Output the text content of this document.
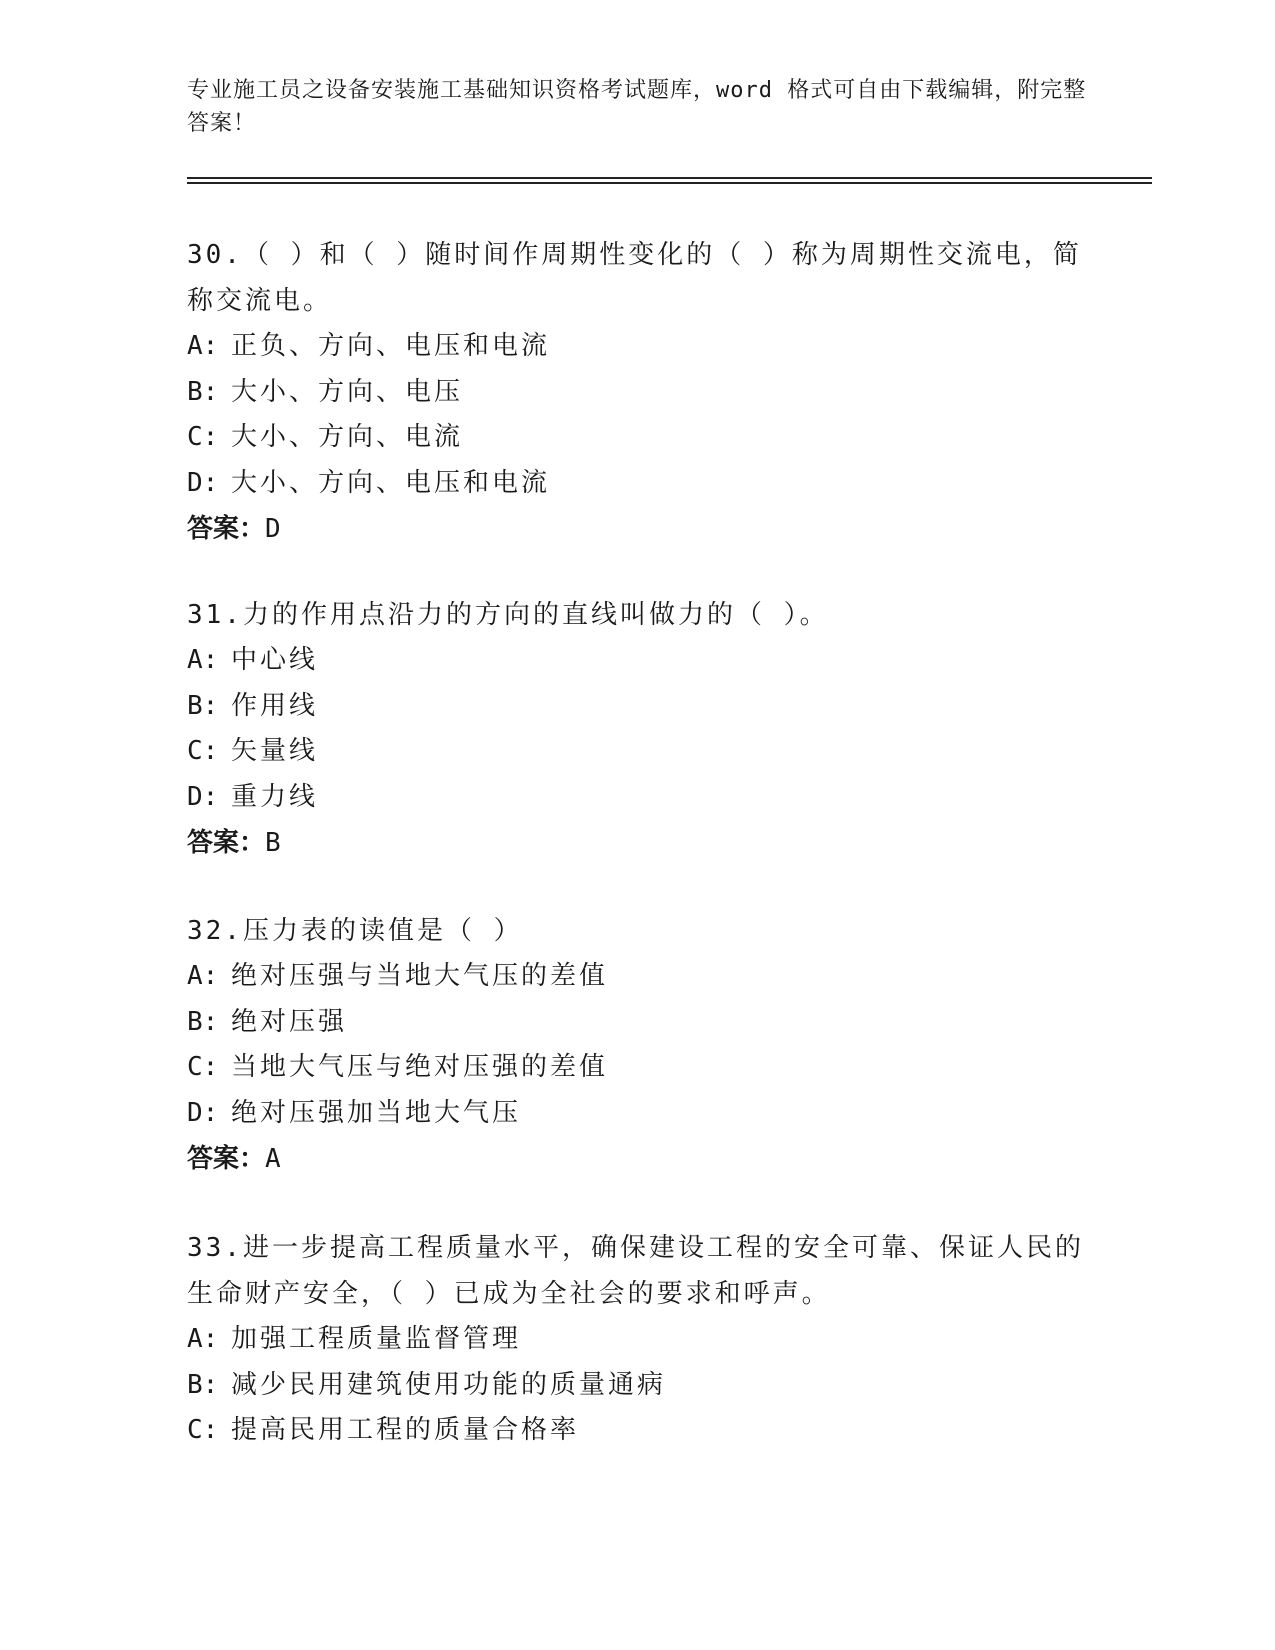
专业施工员之设备安装施工基础知识资格考试题库，word 格式可自由下载编辑，附完整答案！
30.（ ）和（ ）随时间作周期性变化的（ ）称为周期性交流电，简称交流电。
A: 正负、方向、电压和电流
B: 大小、方向、电压
C: 大小、方向、电流
D: 大小、方向、电压和电流
答案：D
31.力的作用点沿力的方向的直线叫做力的（ ）。
A: 中心线
B: 作用线
C: 矢量线
D: 重力线
答案：B
32.压力表的读值是（ ）
A: 绝对压强与当地大气压的差值
B: 绝对压强
C: 当地大气压与绝对压强的差值
D: 绝对压强加当地大气压
答案：A
33.进一步提高工程质量水平，确保建设工程的安全可靠、保证人民的生命财产安全，（ ）已成为全社会的要求和呼声。
A: 加强工程质量监督管理
B: 减少民用建筑使用功能的质量通病
C: 提高民用工程的质量合格率
